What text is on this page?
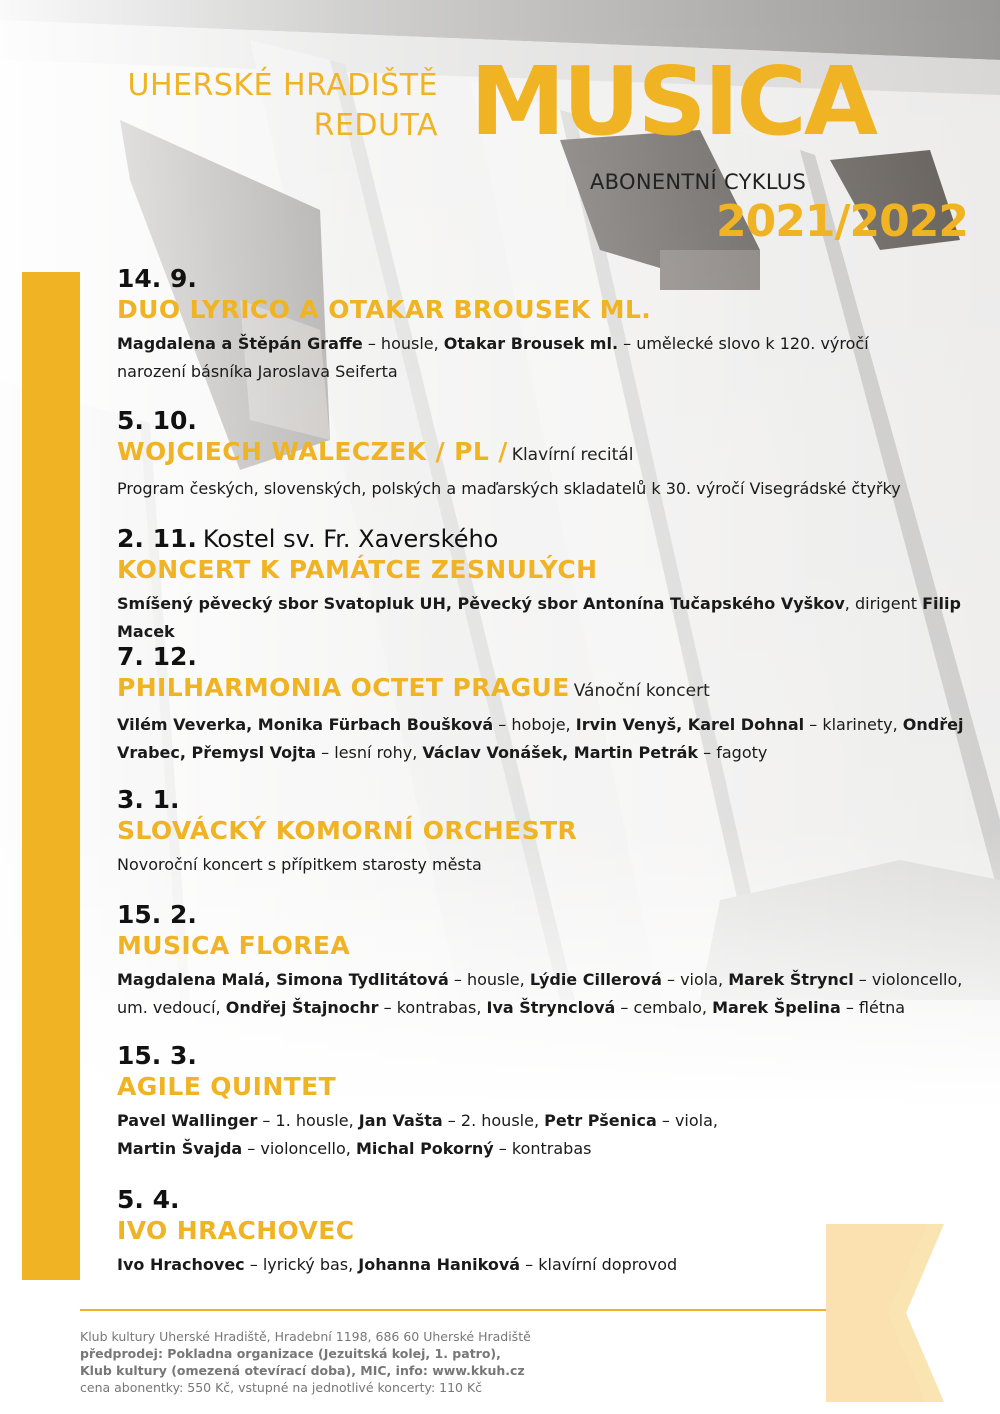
UHERSKÉ HRADIŠTĚ
REDUTA MUSICA
ABONENTNÍ CYKLUS
2021/2022
14. 9.
DUO LYRICO A OTAKAR BROUSEK ML.
Magdalena a Štěpán Graffe – housle, Otakar Brousek ml. – umělecké slovo k 120. výročí
narození básníka Jaroslava Seiferta
5. 10.
WOJCIECH WALECZEK / PL / Klavírní recitál
Program českých, slovenských, polských a maďarských skladatelů k 30. výročí Visegrádské čtyřky
2. 11. Kostel sv. Fr. Xaverského
KONCERT K PAMÁTCE ZESNULÝCH
Smíšený pěvecký sbor Svatopluk UH, Pěvecký sbor Antonína Tučapského Vyškov, dirigent Filip Macek
7. 12.
PHILHARMONIA OCTET PRAGUE Vánoční koncert
Vilém Veverka, Monika Fürbach Boušková – hoboje, Irvin Venyš, Karel Dohnal – klarinety, Ondřej
Vrabec, Přemysl Vojta – lesní rohy, Václav Vonášek, Martin Petrák – fagoty
3. 1.
SLOVÁCKÝ KOMORNÍ ORCHESTR
Novoroční koncert s přípitkem starosty města
15. 2.
MUSICA FLOREA
Magdalena Malá, Simona Tydlitátová – housle, Lýdie Cillerová – viola, Marek Štryncl – violoncello,
um. vedoucí, Ondřej Štajnochr – kontrabas, Iva Štrynclová – cembalo, Marek Špelina – flétna
15. 3.
AGILE QUINTET
Pavel Wallinger – 1. housle, Jan Vašta – 2. housle, Petr Pšenica – viola,
Martin Švajda – violoncello, Michal Pokorný – kontrabas
5. 4.
IVO HRACHOVEC
Ivo Hrachovec – lyrický bas, Johanna Haniková – klavírní doprovod
Klub kultury Uherské Hradiště, Hradební 1198, 686 60 Uherské Hradiště
předprodej: Pokladna organizace (Jezuitská kolej, 1. patro),
Klub kultury (omezená otevírací doba), MIC, info: www.kkuh.cz
cena abonentky: 550 Kč, vstupné na jednotlivé koncerty: 110 Kč
